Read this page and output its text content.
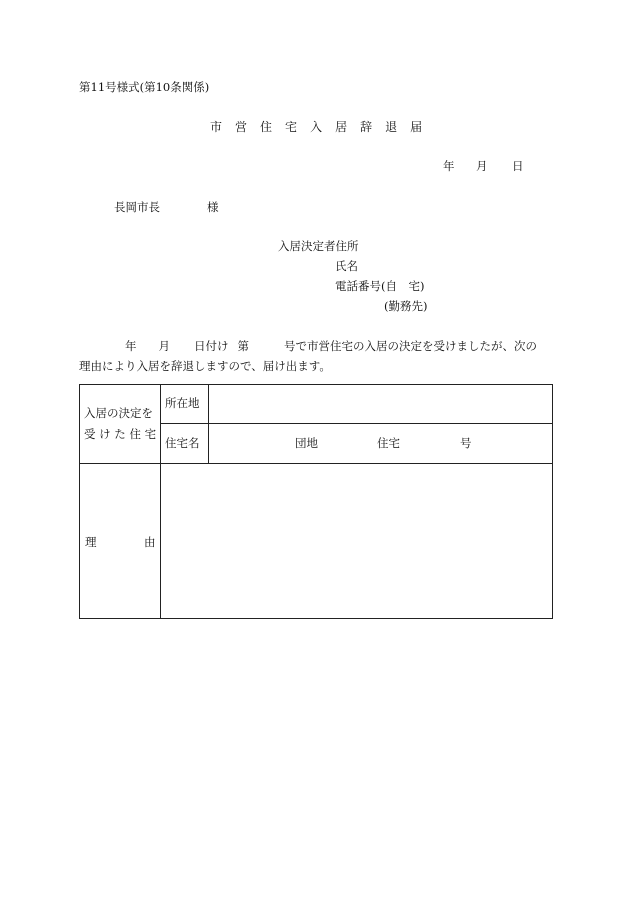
第11号様式(第10条関係)
市 営 住 宅 入 居 辞 退 届
年 月 日
長岡市長	様
入居決定者住所
氏名
電話番号(自　宅)
(勤務先)
年 月 日付け 第	号で市営住宅の入居の決定を受けましたが、次の
理由により入居を辞退しますので、届け出ます。
入居の決定を
受 け た 住 宅
所在地
住宅名	団地	住宅	号
理	由
